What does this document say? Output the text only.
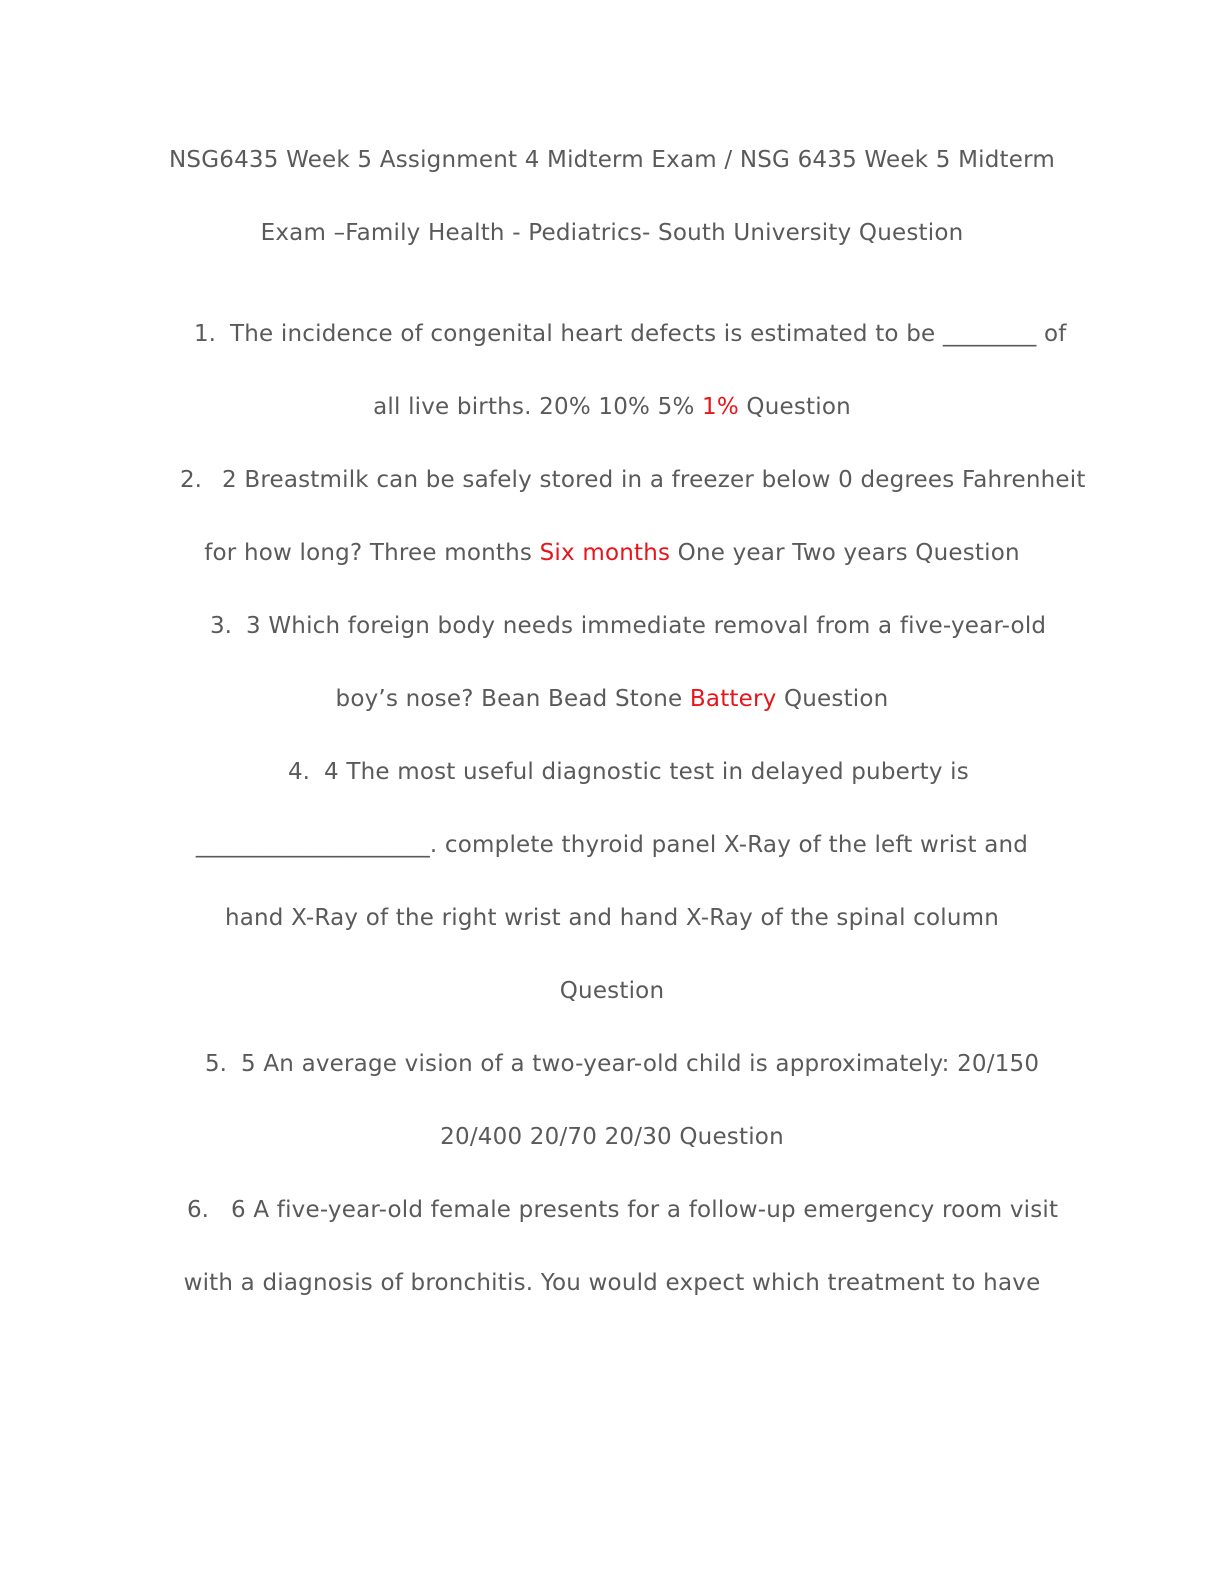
NSG6435 Week 5 Assignment 4 Midterm Exam / NSG 6435 Week 5 Midterm
Exam –Family Health - Pediatrics- South University Question
1. The incidence of congenital heart defects is estimated to be ________ of
all live births. 20% 10% 5% 1% Question
2. 2 Breastmilk can be safely stored in a freezer below 0 degrees Fahrenheit
for how long? Three months Six months One year Two years Question
3. 3 Which foreign body needs immediate removal from a five-year-old
boy’s nose? Bean Bead Stone Battery Question
4. 4 The most useful diagnostic test in delayed puberty is
____________________. complete thyroid panel X-Ray of the left wrist and
hand X-Ray of the right wrist and hand X-Ray of the spinal column
Question
5. 5 An average vision of a two-year-old child is approximately: 20/150
20/400 20/70 20/30 Question
6. 6 A five-year-old female presents for a follow-up emergency room visit
with a diagnosis of bronchitis. You would expect which treatment to have
